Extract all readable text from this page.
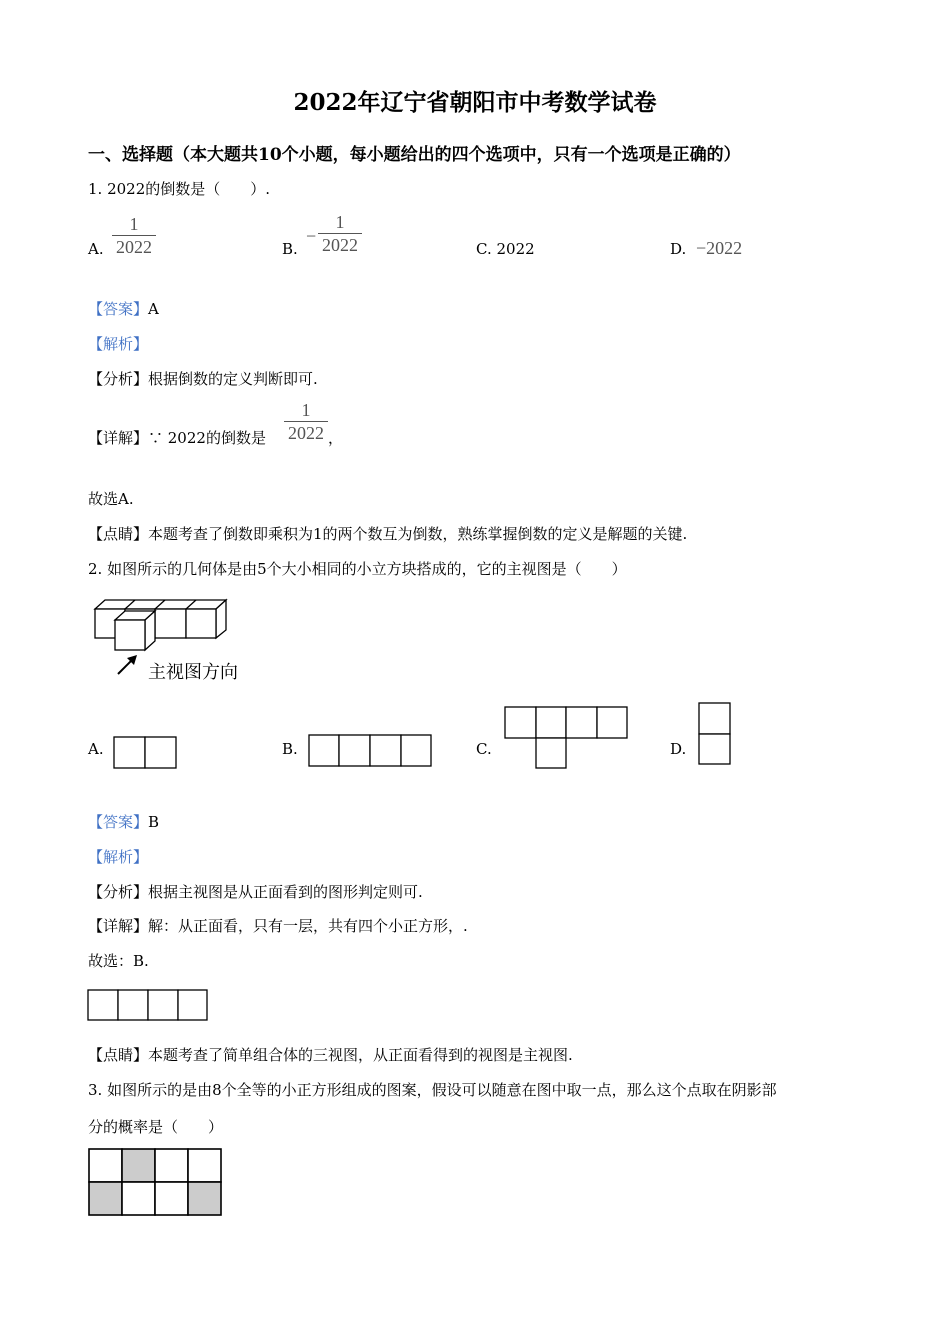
2022年辽宁省朝阳市中考数学试卷
一、选择题（本大题共10个小题，每小题给出的四个选项中，只有一个选项是正确的）
1. 2022的倒数是（　　）.
A.
1
2022	B.
−
1
2022	C. 2022	D. −2022
【答案】A
【解析】
【分析】根据倒数的定义判断即可.
【详解】∵ 2022的倒数是
1
2022 ，
故选A.
【点睛】本题考查了倒数即乘积为1的两个数互为倒数，熟练掌握倒数的定义是解题的关键.
2. 如图所示的几何体是由5个大小相同的小立方块搭成的，它的主视图是（　　）
主视图方向
A.	B.	C.	D.
【答案】B
【解析】
【分析】根据主视图是从正面看到的图形判定则可.
【详解】解：从正面看，只有一层，共有四个小正方形，.
故选：B.
【点睛】本题考查了简单组合体的三视图，从正面看得到的视图是主视图.
3. 如图所示的是由8个全等的小正方形组成的图案，假设可以随意在图中取一点，那么这个点取在阴影部
分的概率是（　　）
